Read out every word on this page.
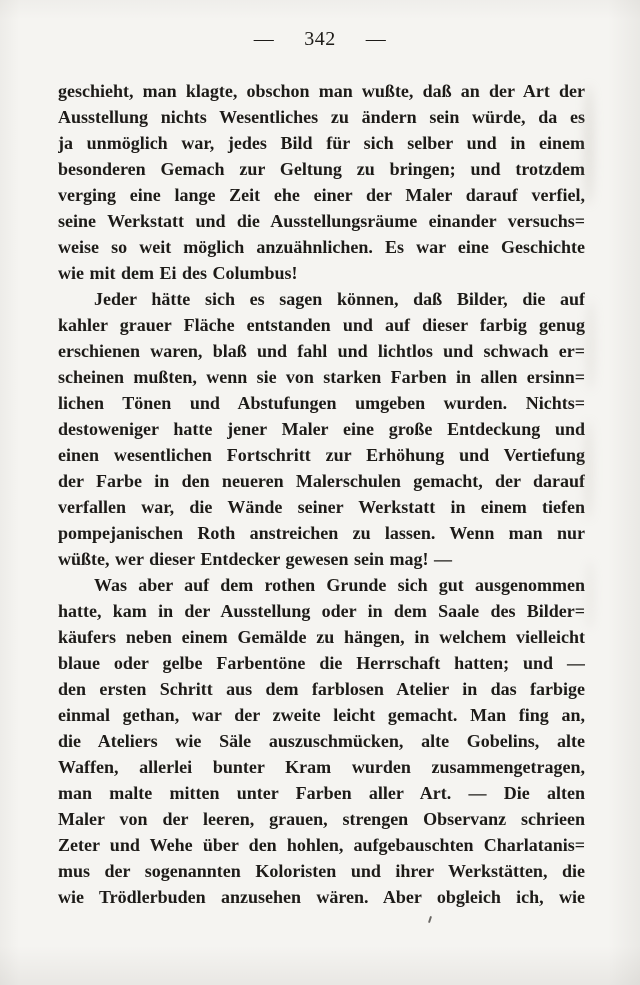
— 342 —
geschieht, man klagte, obschon man wußte, daß an der Art der
Ausstellung nichts Wesentliches zu ändern sein würde, da es
ja unmöglich war, jedes Bild für sich selber und in einem
besonderen Gemach zur Geltung zu bringen; und trotzdem
verging eine lange Zeit ehe einer der Maler darauf verfiel,
seine Werkstatt und die Ausstellungsräume einander versuchs=
weise so weit möglich anzuähnlichen. Es war eine Geschichte
wie mit dem Ei des Columbus!
Jeder hätte sich es sagen können, daß Bilder, die auf
kahler grauer Fläche entstanden und auf dieser farbig genug
erschienen waren, blaß und fahl und lichtlos und schwach er=
scheinen mußten, wenn sie von starken Farben in allen ersinn=
lichen Tönen und Abstufungen umgeben wurden. Nichts=
destoweniger hatte jener Maler eine große Entdeckung und
einen wesentlichen Fortschritt zur Erhöhung und Vertiefung
der Farbe in den neueren Malerschulen gemacht, der darauf
verfallen war, die Wände seiner Werkstatt in einem tiefen
pompejanischen Roth anstreichen zu lassen. Wenn man nur
wüßte, wer dieser Entdecker gewesen sein mag! —
Was aber auf dem rothen Grunde sich gut ausgenommen
hatte, kam in der Ausstellung oder in dem Saale des Bilder=
käufers neben einem Gemälde zu hängen, in welchem vielleicht
blaue oder gelbe Farbentöne die Herrschaft hatten; und —
den ersten Schritt aus dem farblosen Atelier in das farbige
einmal gethan, war der zweite leicht gemacht. Man fing an,
die Ateliers wie Säle auszuschmücken, alte Gobelins, alte
Waffen, allerlei bunter Kram wurden zusammengetragen,
man malte mitten unter Farben aller Art. — Die alten
Maler von der leeren, grauen, strengen Observanz schrieen
Zeter und Wehe über den hohlen, aufgebauschten Charlatanis=
mus der sogenannten Koloristen und ihrer Werkstätten, die
wie Trödlerbuden anzusehen wären. Aber obgleich ich, wie
